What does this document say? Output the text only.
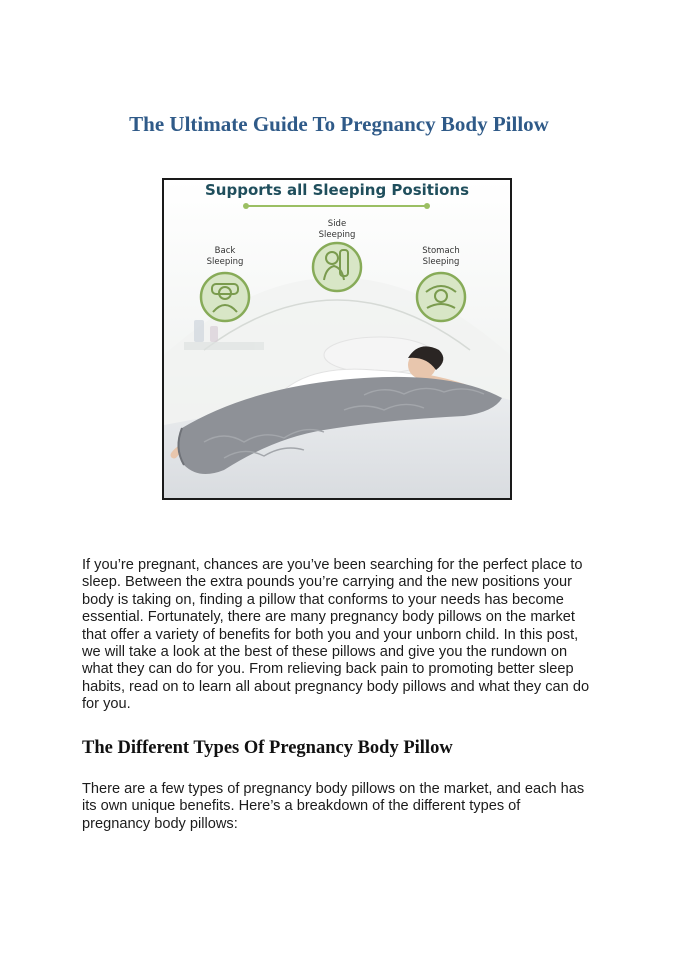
The Ultimate Guide To Pregnancy Body Pillow
Supports all Sleeping Positions
Side
Sleeping
Back
Sleeping
Stomach
Sleeping

If you’re pregnant, chances are you’ve been searching for the perfect place to sleep. Between the extra pounds you’re carrying and the new positions your body is taking on, finding a pillow that conforms to your needs has become essential. Fortunately, there are many pregnancy body pillows on the market that offer a variety of benefits for both you and your unborn child. In this post, we will take a look at the best of these pillows and give you the rundown on what they can do for you. From relieving back pain to promoting better sleep habits, read on to learn all about pregnancy body pillows and what they can do for you.

The Different Types Of Pregnancy Body Pillow

There are a few types of pregnancy body pillows on the market, and each has its own unique benefits. Here’s a breakdown of the different types of pregnancy body pillows:
